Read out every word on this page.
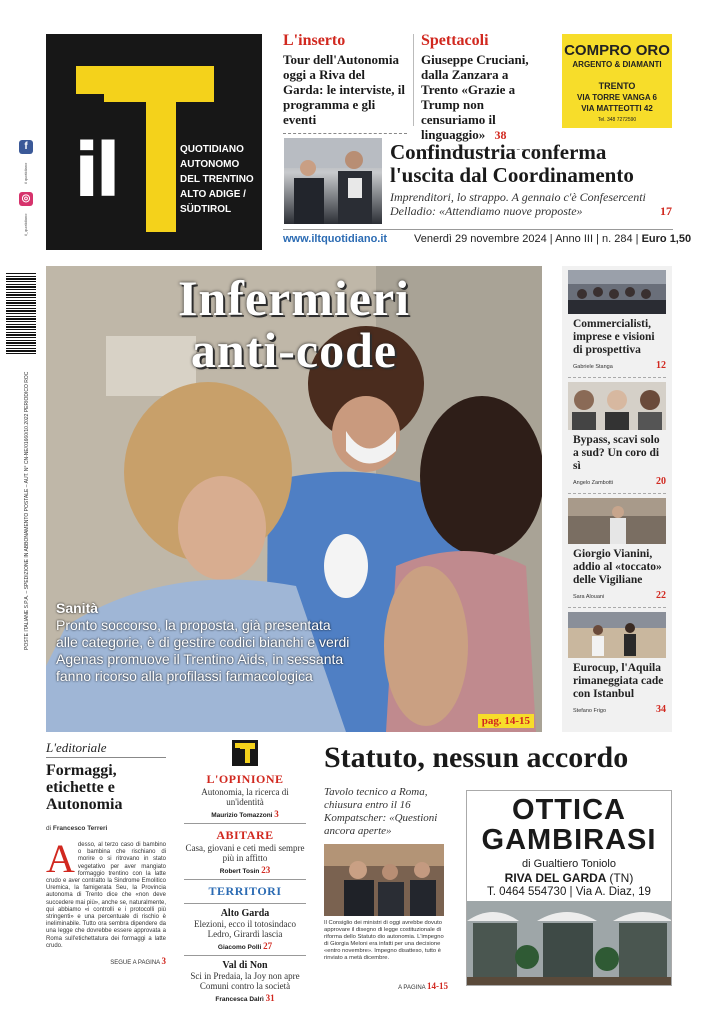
il	QUOTIDIANO
AUTONOMO
DEL TRENTINO
ALTO ADIGE /
SÜDTIROL
f
il quotidiano
◎
il_quotidiano
POSTE ITALIANE S.P.A. – SPEDIZIONE IN ABBONAMENTO POSTALE – AUT. N° CN-NE/01660/10.2022 PERIODICO ROC
L'inserto
Tour dell'Autonomia oggi a Riva del Garda: le interviste, il programma e gli eventi
Spettacoli
Giuseppe Cruciani, dalla Zanzara a Trento «Grazie a Trump non censuriamo il linguaggio» 38
COMPRO ORO
ARGENTO & DIAMANTI
TRENTO
VIA TORRE VANGA 6
VIA MATTEOTTI 42
Tel. 348 7272590
Confindustria conferma l'uscita dal Coordinamento
Imprenditori, lo strappo. A gennaio c'è Confesercenti Delladio: «Attendiamo nuove proposte»	17
www.iltquotidiano.it Venerdì 29 novembre 2024 | Anno III | n. 284 | Euro 1,50
Infermieri
anti-code
Sanità
Pronto soccorso, la proposta, già presentata alle categorie, è di gestire codici bianchi e verdi Agenas promuove il Trentino Aids, in sessanta fanno ricorso alla profilassi farmacologica
pag. 14-15
Commercialisti, imprese e visioni di prospettiva
Gabriele Stanga	12
Bypass, scavi solo a sud? Un coro di sì
Angelo Zambotti	20
Giorgio Vianini, addio al «toccato» delle Vigiliane
Sara Alouani	22
Eurocup, l'Aquila rimaneggiata cade con Istanbul
Stefano Frigo	34
L'editoriale
Formaggi, etichette e Autonomia
di Francesco Terreri
A desso, al terzo caso di bambino o bambina che rischiano di morire o si ritrovano in stato vegetativo per aver mangiato formaggio trentino con la latte crudo e aver contratto la Sindrome Emolitico Uremica, la famigerata Seu, la Provincia autonoma di Trento dice che «non deve succedere mai più», anche se, naturalmente, qui abbiamo «i controlli e i protocolli più stringenti» e una percentuale di rischio è ineliminabile. Tutto ora sembra dipendere da una legge che dovrebbe essere approvata a Roma sull'etichettatura dei formaggi a latte crudo.
SEGUE A PAGINA 3
L'OPINIONE
Autonomia, la ricerca di un'identità
Maurizio Tomazzoni 3
ABITARE
Casa, giovani e ceti medi sempre più in affitto
Robert Tosin 23
TERRITORI
Alto Garda
Elezioni, ecco il totosindaco Ledro, Girardi lascia
Giacomo Polli 27
Val di Non
Sci in Predaia, la Joy non apre Comuni contro la società
Francesca Dalrì 31
Statuto, nessun accordo
Tavolo tecnico a Roma, chiusura entro il 16 Kompatscher: «Questioni ancora aperte»
Il Consiglio dei ministri di oggi avrebbe dovuto approvare il disegno di legge costituzionale di riforma dello Statuto dio autonomia. L'impegno di Giorgia Meloni era infatti per una decisione «entro novembre». Impegno disatteso, tutto è rinviato a metà dicembre.
A PAGINA 14-15
OTTICA
GAMBIRASI
di Gualtiero Toniolo
RIVA DEL GARDA (TN)
T. 0464 554730 | Via A. Diaz, 19
